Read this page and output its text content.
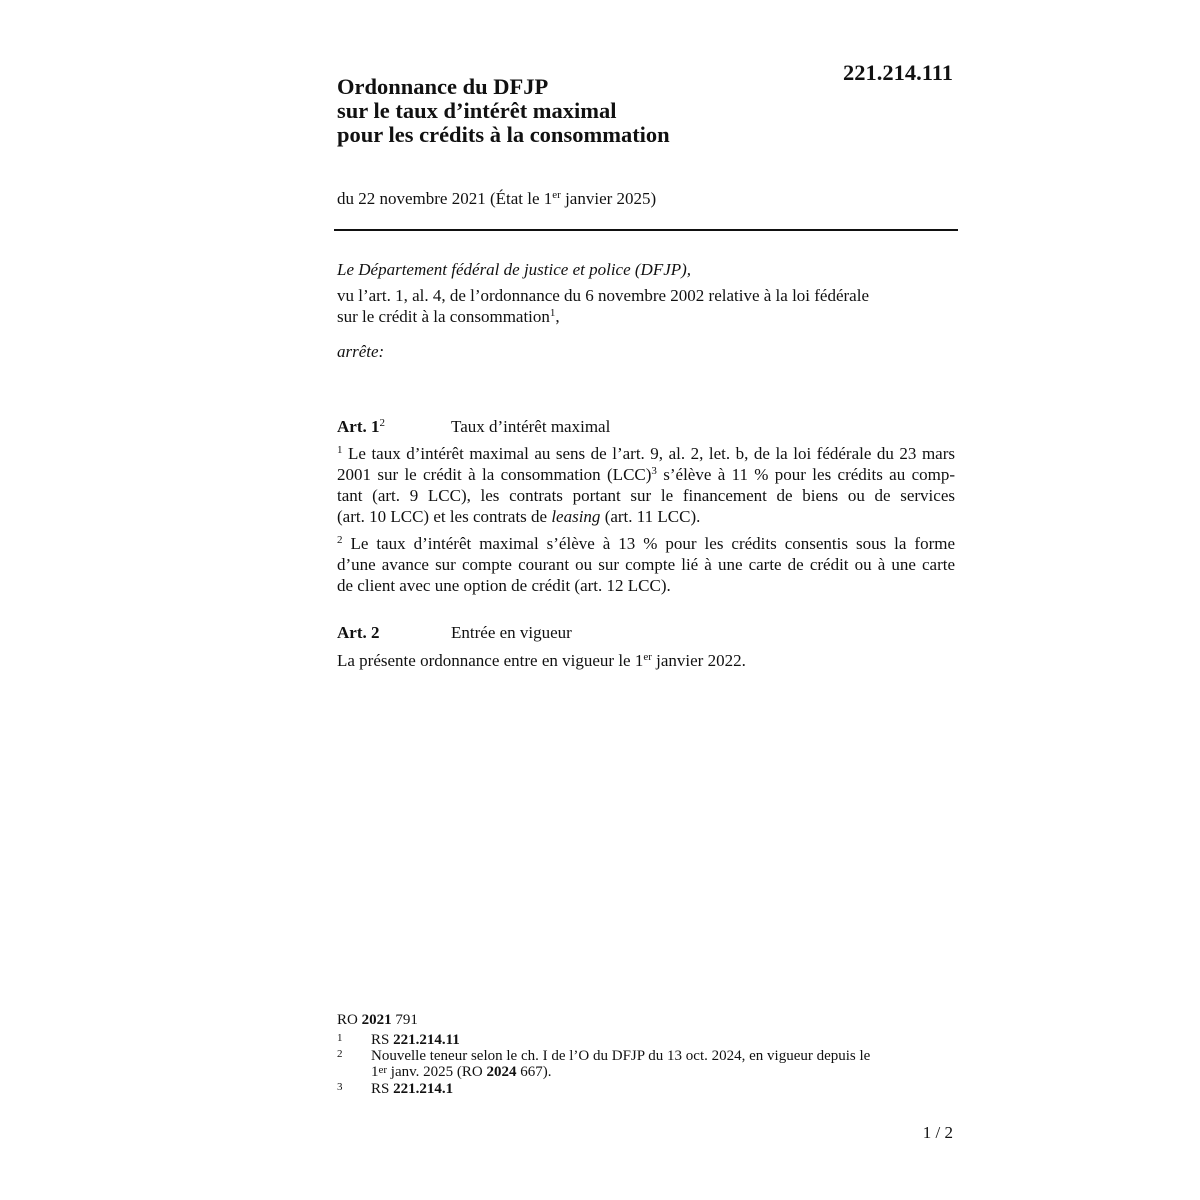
221.214.111
Ordonnance du DFJP
sur le taux d’intérêt maximal
pour les crédits à la consommation
du 22 novembre 2021 (État le 1er janvier 2025)
Le Département fédéral de justice et police (DFJP),
vu l’art. 1, al. 4, de l’ordonnance du 6 novembre 2002 relative à la loi fédérale
sur le crédit à la consommation$^1$,
arrête:
Art. $1^2$	Taux d’intérêt maximal
$^1$ Le taux d’intérêt maximal au sens de l’art. 9, al. 2, let. b, de la loi fédérale du 23 mars
2001 sur le crédit à la consommation (LCC)$^3$ s’élève à 11 % pour les crédits au comp-
tant (art. 9 LCC), les contrats portant sur le financement de biens ou de services
(art. 10 LCC) et les contrats de leasing (art. 11 LCC).
$^2$ Le taux d’intérêt maximal s’élève à 13 % pour les crédits consentis sous la forme
d’une avance sur compte courant ou sur compte lié à une carte de crédit ou à une carte
de client avec une option de crédit (art. 12 LCC).
Art. 2	Entrée en vigueur
La présente ordonnance entre en vigueur le 1er janvier 2022.
RO 2021 791
1 RS 221.214.11
2 Nouvelle teneur selon le ch. I de l’O du DFJP du 13 oct. 2024, en vigueur depuis le
1er janv. 2025 (RO 2024 667).
3 RS 221.214.1
1 / 2
